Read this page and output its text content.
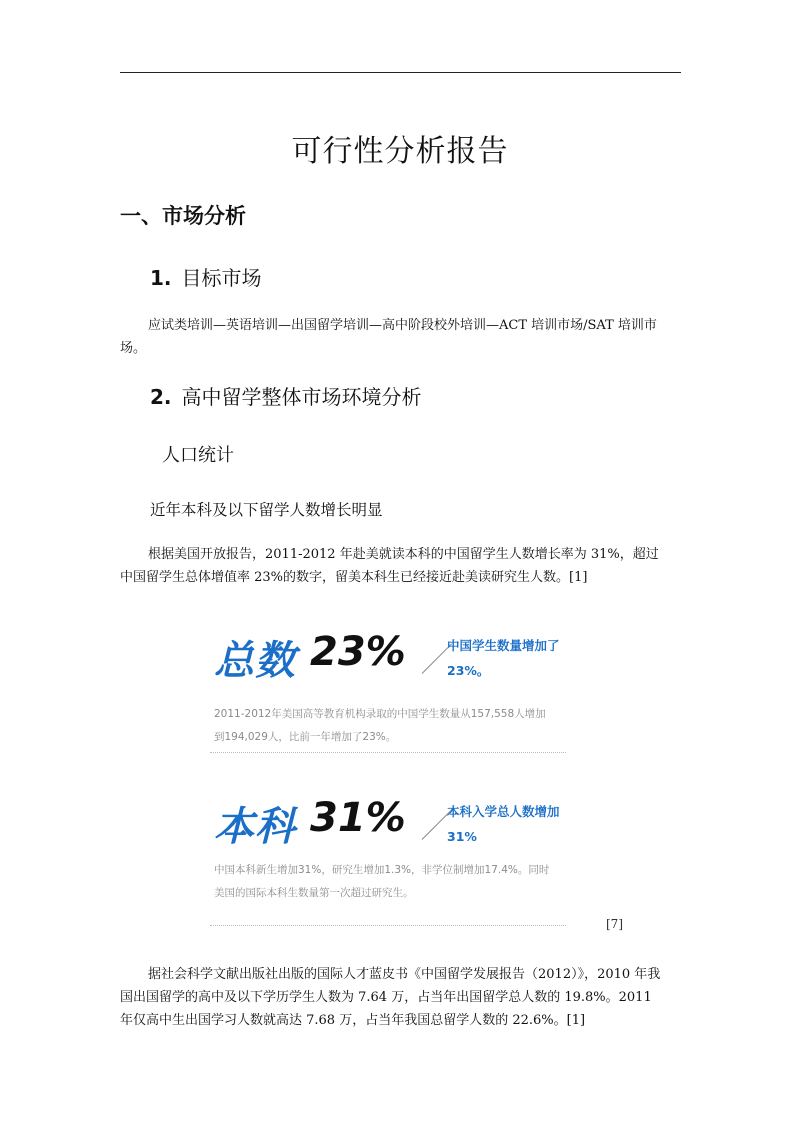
可行性分析报告
一、市场分析
1. 目标市场

应试类培训—英语培训—出国留学培训—高中阶段校外培训—ACT 培训市场/SAT 培训市场。

2. 高中留学整体市场环境分析
人口统计
近年本科及以下留学人数增长明显

根据美国开放报告，2011-2012 年赴美就读本科的中国留学生人数增长率为 31%，超过中国留学生总体增值率 23%的数字，留美本科生已经接近赴美读研究生人数。[1]

总数 23%	中国学生数量增加了23%。
2011-2012年美国高等教育机构录取的中国学生数量从157,558人增加到194,029人，比前一年增加了23%。
本科 31%	本科入学总人数增加31%
中国本科新生增加31%，研究生增加1.3%，非学位制增加17.4%。同时美国的国际本科生数量第一次超过研究生。
[7]

据社会科学文献出版社出版的国际人才蓝皮书《中国留学发展报告（2012）》，2010 年我国出国留学的高中及以下学历学生人数为 7.64 万，占当年出国留学总人数的 19.8%。2011 年仅高中生出国学习人数就高达 7.68 万，占当年我国总留学人数的 22.6%。[1]
